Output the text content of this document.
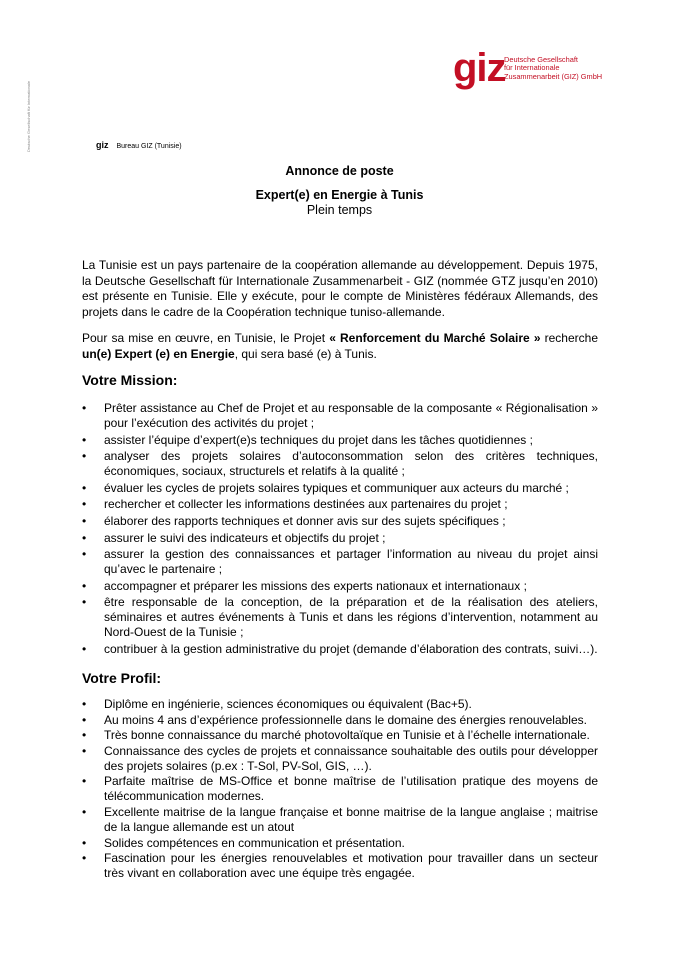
Deutsche Gesellschaft für Internationale
giz
Deutsche Gesellschaft
für Internationale
Zusammenarbeit (GIZ) GmbH
giz Bureau GIZ (Tunisie)
Annonce de poste
Expert(e) en Energie à Tunis
Plein temps

La Tunisie est un pays partenaire de la coopération allemande au développement. Depuis 1975, la Deutsche Gesellschaft für Internationale Zusammenarbeit - GIZ (nommée GTZ jusqu’en 2010) est présente en Tunisie. Elle y exécute, pour le compte de Ministères fédéraux Allemands, des projets dans le cadre de la Coopération technique tuniso-allemande.

Pour sa mise en œuvre, en Tunisie, le Projet « Renforcement du Marché Solaire » recherche un(e) Expert (e) en Energie, qui sera basé (e) à Tunis.

Votre Mission:
• Prêter assistance au Chef de Projet et au responsable de la composante « Régionalisation » pour l’exécution des activités du projet ;
• assister l’équipe d’expert(e)s techniques du projet dans les tâches quotidiennes ;
• analyser des projets solaires d’autoconsommation selon des critères techniques, économiques, sociaux, structurels et relatifs à la qualité ;
• évaluer les cycles de projets solaires typiques et communiquer aux acteurs du marché ;
• rechercher et collecter les informations destinées aux partenaires du projet ;
• élaborer des rapports techniques et donner avis sur des sujets spécifiques ;
• assurer le suivi des indicateurs et objectifs du projet ;
• assurer la gestion des connaissances et partager l’information au niveau du projet ainsi qu’avec le partenaire ;
• accompagner et préparer les missions des experts nationaux et internationaux ;
• être responsable de la conception, de la préparation et de la réalisation des ateliers, séminaires et autres événements à Tunis et dans les régions d’intervention, notamment au Nord-Ouest de la Tunisie ;
• contribuer à la gestion administrative du projet (demande d’élaboration des contrats, suivi…).
Votre Profil:
• Diplôme en ingénierie, sciences économiques ou équivalent (Bac+5).
• Au moins 4 ans d’expérience professionnelle dans le domaine des énergies renouvelables.
• Très bonne connaissance du marché photovoltaïque en Tunisie et à l’échelle internationale.
• Connaissance des cycles de projets et connaissance souhaitable des outils pour développer des projets solaires (p.ex : T-Sol, PV-Sol, GIS, …).
• Parfaite maîtrise de MS-Office et bonne maîtrise de l’utilisation pratique des moyens de télécommunication modernes.
• Excellente maitrise de la langue française et bonne maitrise de la langue anglaise ; maitrise de la langue allemande est un atout
• Solides compétences en communication et présentation.
• Fascination pour les énergies renouvelables et motivation pour travailler dans un secteur très vivant en collaboration avec une équipe très engagée.
